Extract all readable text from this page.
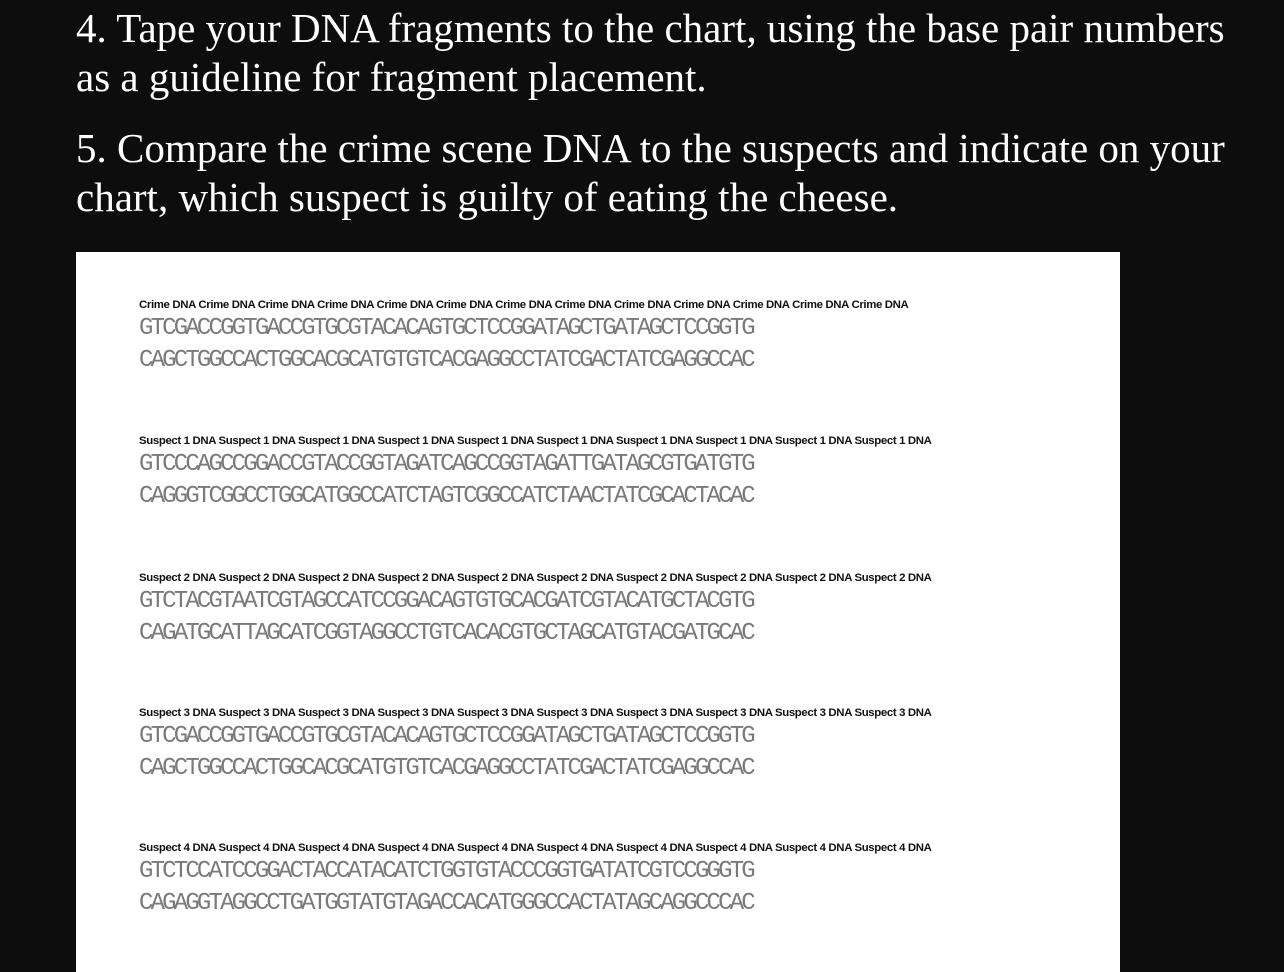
4. Tape your DNA fragments to the chart, using the base pair numbers as a guideline for fragment placement.

5. Compare the crime scene DNA to the suspects and indicate on your chart, which suspect is guilty of eating the cheese.

Crime DNA Crime DNA Crime DNA Crime DNA Crime DNA Crime DNA Crime DNA Crime DNA Crime DNA Crime DNA Crime DNA Crime DNA Crime DNA
GTCGACCGGTGACCGTGCGTACACAGTGCTCCGGATAGCTGATAGCTCCGGTG
CAGCTGGCCACTGGCACGCATGTGTCACGAGGCCTATCGACTATCGAGGCCAC
Suspect 1 DNA Suspect 1 DNA Suspect 1 DNA Suspect 1 DNA Suspect 1 DNA Suspect 1 DNA Suspect 1 DNA Suspect 1 DNA Suspect 1 DNA Suspect 1 DNA
GTCCCAGCCGGACCGTACCGGTAGATCAGCCGGTAGATTGATAGCGTGATGTG
CAGGGTCGGCCTGGCATGGCCATCTAGTCGGCCATCTAACTATCGCACTACAC
Suspect 2 DNA Suspect 2 DNA Suspect 2 DNA Suspect 2 DNA Suspect 2 DNA Suspect 2 DNA Suspect 2 DNA Suspect 2 DNA Suspect 2 DNA Suspect 2 DNA
GTCTACGTAATCGTAGCCATCCGGACAGTGTGCACGATCGTACATGCTACGTG
CAGATGCATTAGCATCGGTAGGCCTGTCACACGTGCTAGCATGTACGATGCAC
Suspect 3 DNA Suspect 3 DNA Suspect 3 DNA Suspect 3 DNA Suspect 3 DNA Suspect 3 DNA Suspect 3 DNA Suspect 3 DNA Suspect 3 DNA Suspect 3 DNA
GTCGACCGGTGACCGTGCGTACACAGTGCTCCGGATAGCTGATAGCTCCGGTG
CAGCTGGCCACTGGCACGCATGTGTCACGAGGCCTATCGACTATCGAGGCCAC
Suspect 4 DNA Suspect 4 DNA Suspect 4 DNA Suspect 4 DNA Suspect 4 DNA Suspect 4 DNA Suspect 4 DNA Suspect 4 DNA Suspect 4 DNA Suspect 4 DNA
GTCTCCATCCGGACTACCATACATCTGGTGTACCCGGTGATATCGTCCGGGTG
CAGAGGTAGGCCTGATGGTATGTAGACCACATGGGCCACTATAGCAGGCCCAC
